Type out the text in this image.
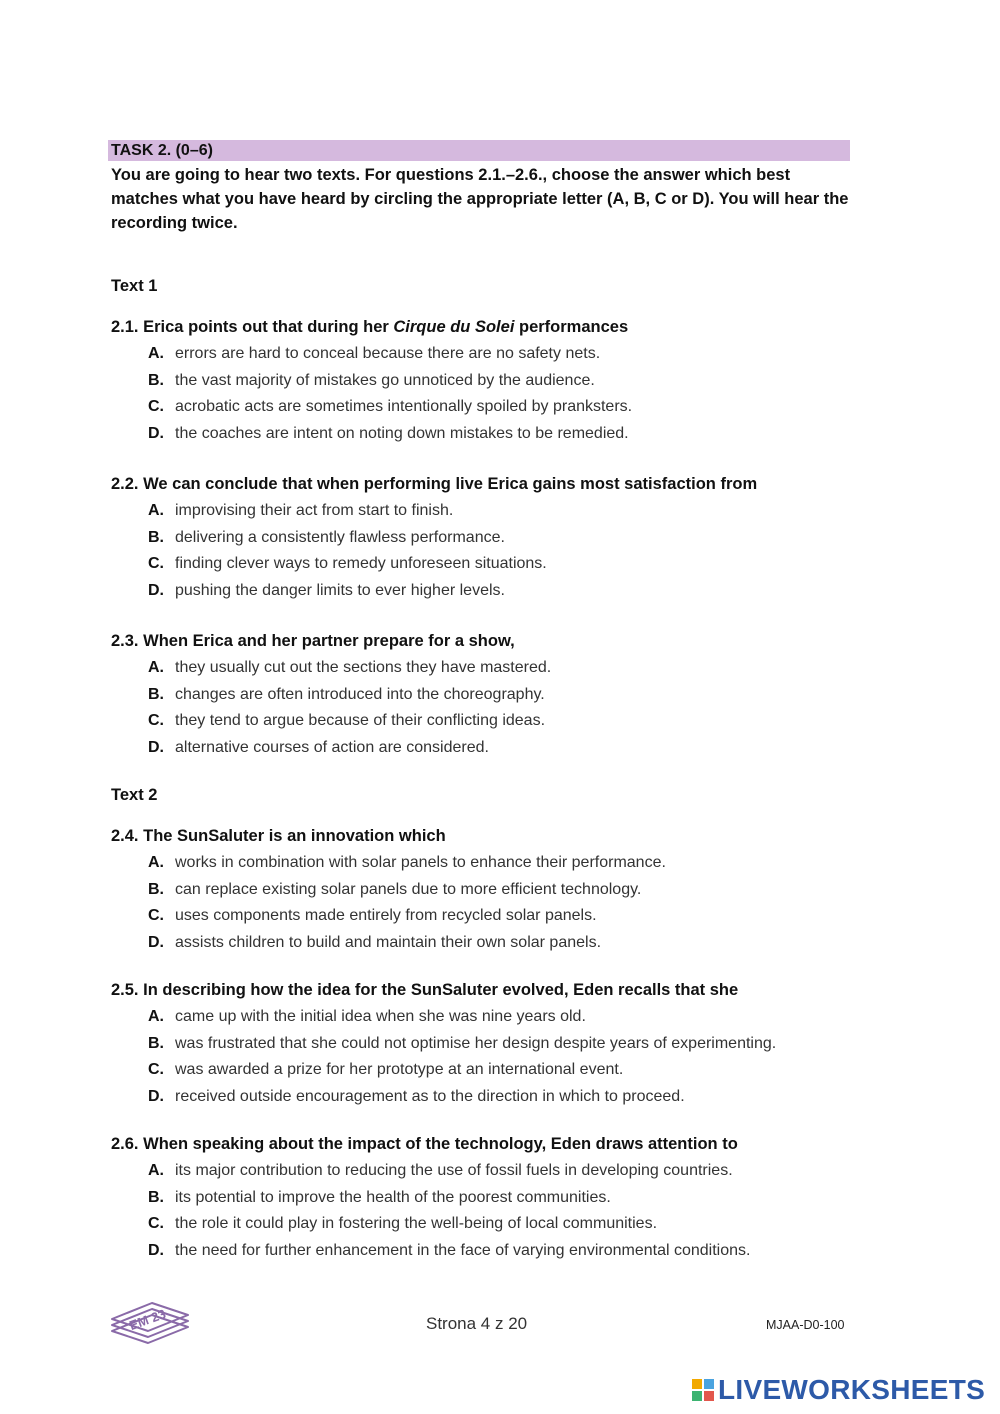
TASK 2. (0–6)
You are going to hear two texts. For questions 2.1.–2.6., choose the answer which best matches what you have heard by circling the appropriate letter (A, B, C or D). You will hear the recording twice.
Text 1
2.1. Erica points out that during her Cirque du Solei performances
A. errors are hard to conceal because there are no safety nets.
B. the vast majority of mistakes go unnoticed by the audience.
C. acrobatic acts are sometimes intentionally spoiled by pranksters.
D. the coaches are intent on noting down mistakes to be remedied.
2.2. We can conclude that when performing live Erica gains most satisfaction from
A. improvising their act from start to finish.
B. delivering a consistently flawless performance.
C. finding clever ways to remedy unforeseen situations.
D. pushing the danger limits to ever higher levels.
2.3. When Erica and her partner prepare for a show,
A. they usually cut out the sections they have mastered.
B. changes are often introduced into the choreography.
C. they tend to argue because of their conflicting ideas.
D. alternative courses of action are considered.
Text 2
2.4. The SunSaluter is an innovation which
A. works in combination with solar panels to enhance their performance.
B. can replace existing solar panels due to more efficient technology.
C. uses components made entirely from recycled solar panels.
D. assists children to build and maintain their own solar panels.
2.5. In describing how the idea for the SunSaluter evolved, Eden recalls that she
A. came up with the initial idea when she was nine years old.
B. was frustrated that she could not optimise her design despite years of experimenting.
C. was awarded a prize for her prototype at an international event.
D. received outside encouragement as to the direction in which to proceed.
2.6. When speaking about the impact of the technology, Eden draws attention to
A. its major contribution to reducing the use of fossil fuels in developing countries.
B. its potential to improve the health of the poorest communities.
C. the role it could play in fostering the well-being of local communities.
D. the need for further enhancement in the face of varying environmental conditions.
EM 23	Strona 4 z 20	MJAA-D0-100
LIVEWORKSHEETS
